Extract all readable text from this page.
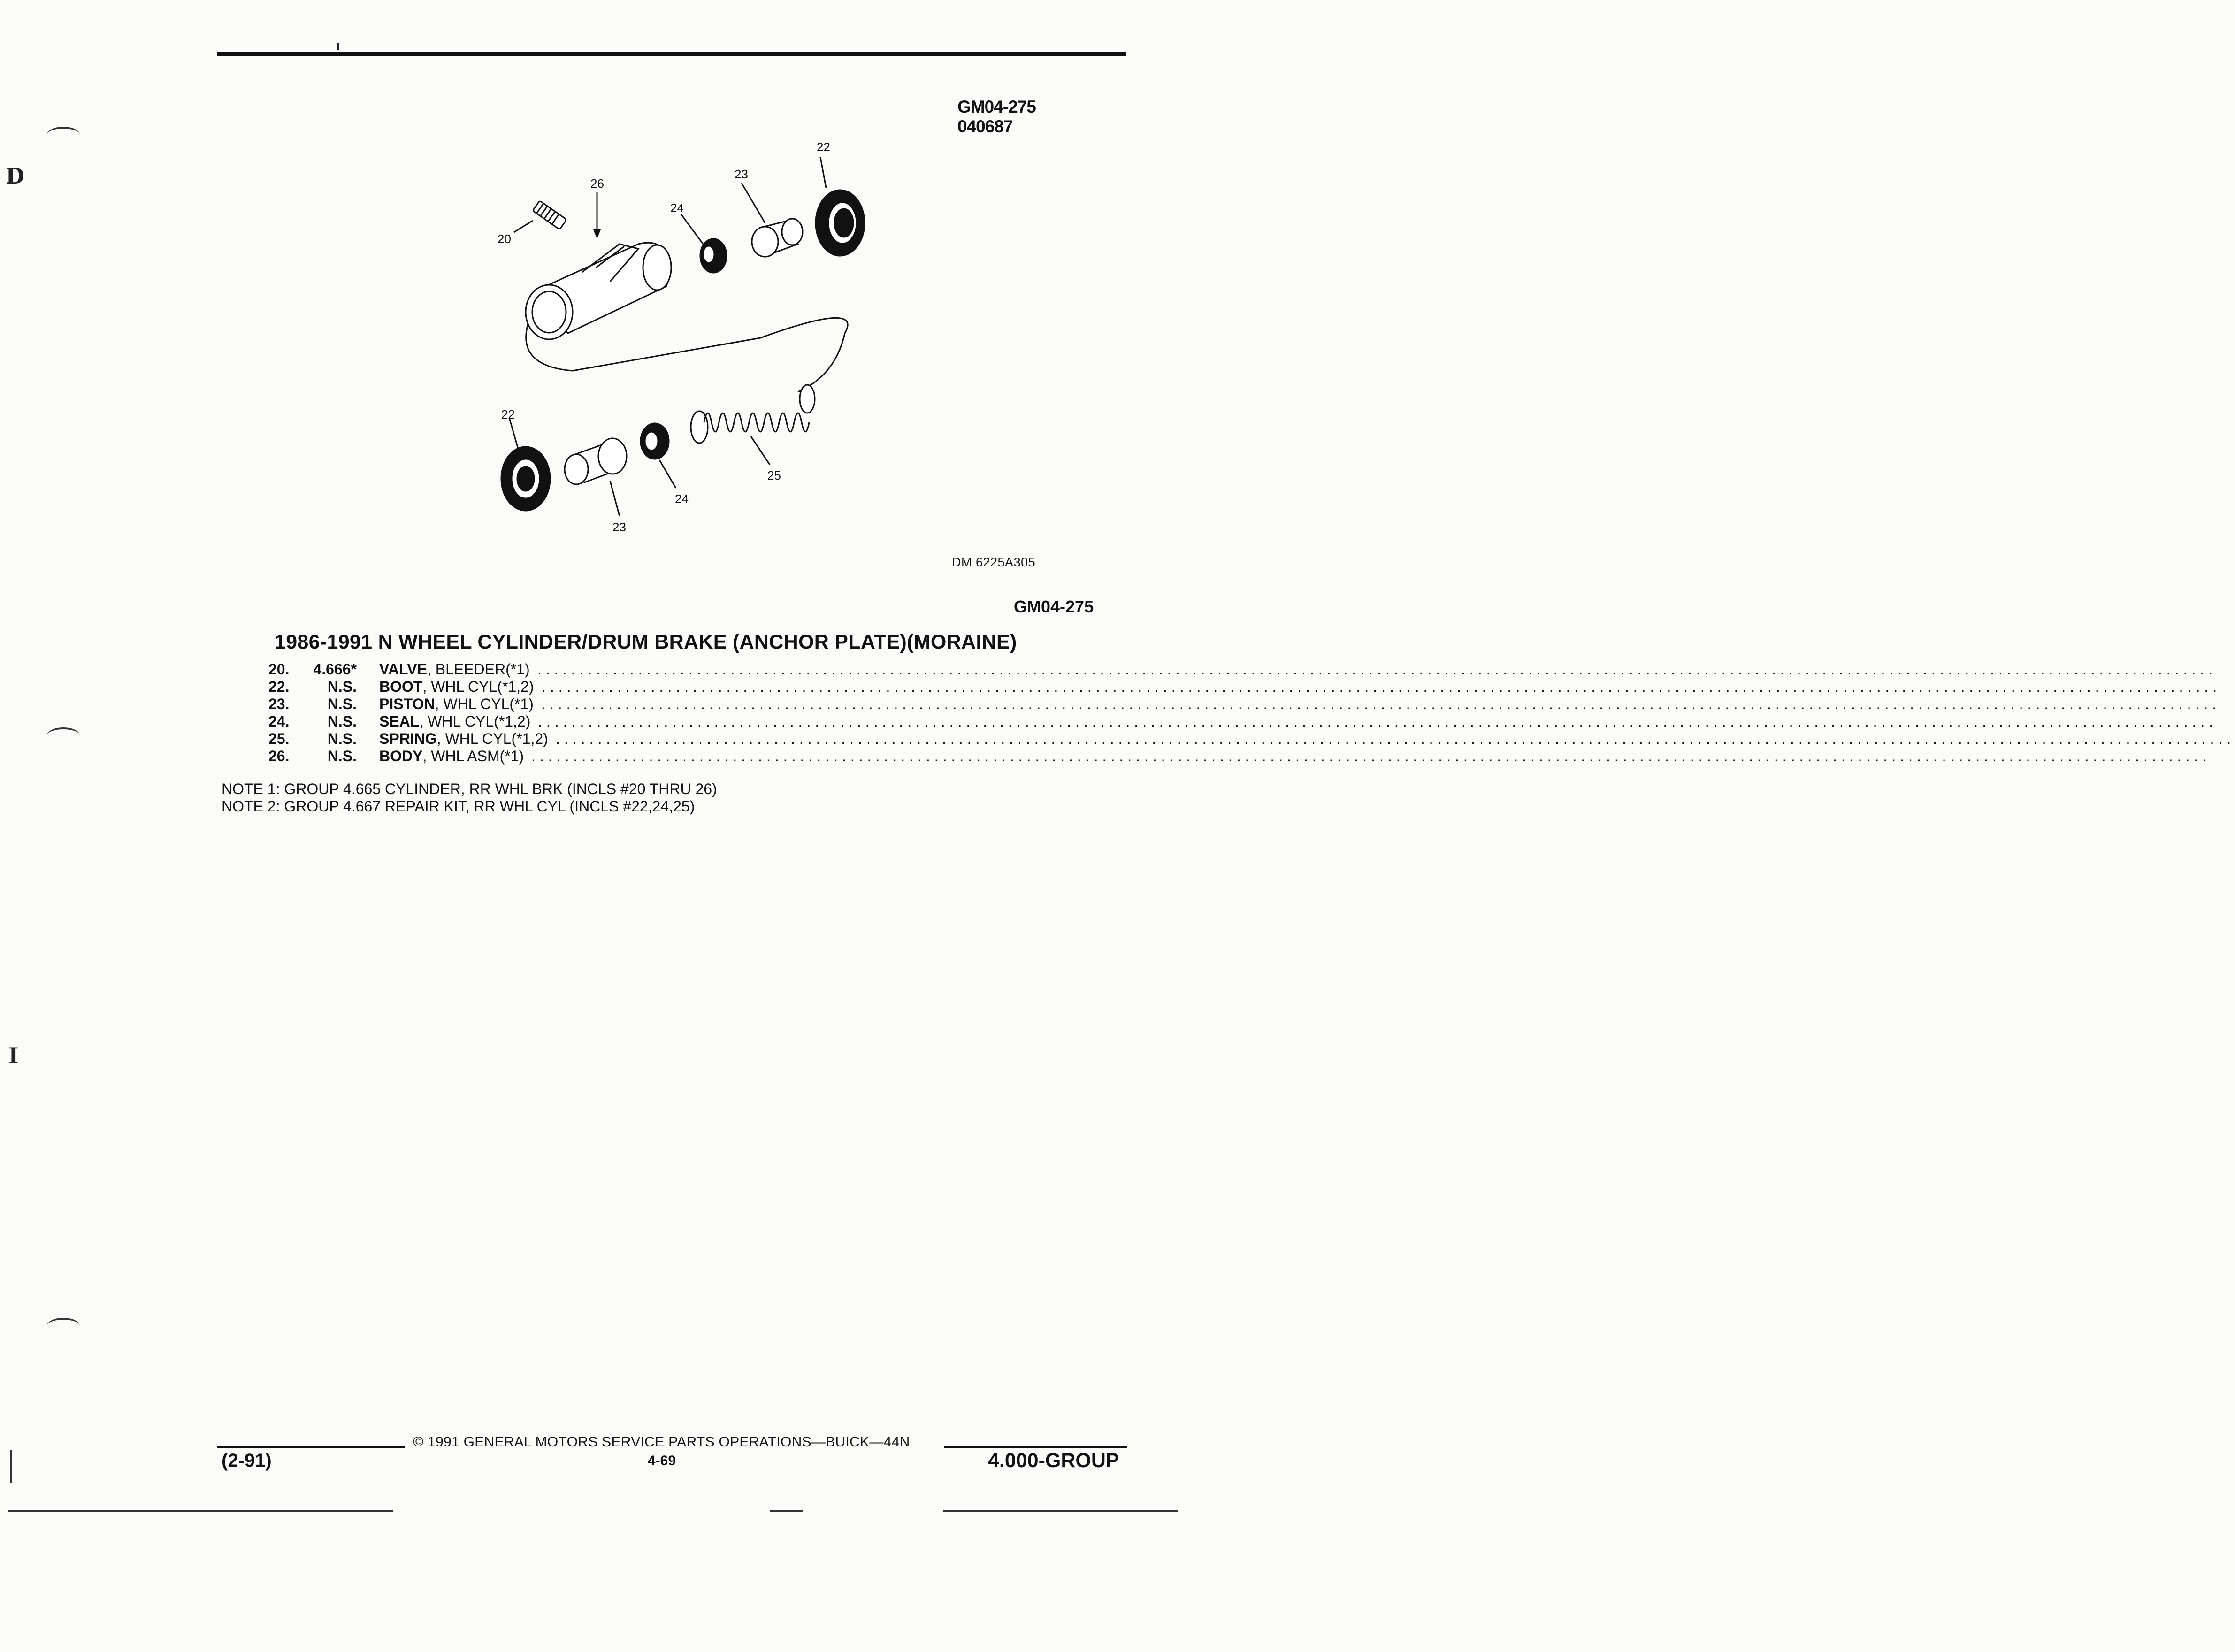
D
I
GM04-275
040687
20
22
23
24
26
22
23
24
25
DM 6225A305
GM04-275
1986-1991 N WHEEL CYLINDER/DRUM BRAKE (ANCHOR PLATE)(MORAINE)
20.	4.666* VALVE, BLEEDER(*1) ........................................................................................................................................................................................................
22.	N.S. BOOT, WHL CYL(*1,2) ........................................................................................................................................................................................................
23.	N.S. PISTON, WHL CYL(*1) ........................................................................................................................................................................................................
24.	N.S. SEAL, WHL CYL(*1,2) ........................................................................................................................................................................................................
25.	N.S. SPRING, WHL CYL(*1,2) ........................................................................................................................................................................................................
26.	N.S. BODY, WHL ASM(*1) ........................................................................................................................................................................................................
NOTE 1: GROUP 4.665 CYLINDER, RR WHL BRK (INCLS #20 THRU 26)
NOTE 2: GROUP 4.667 REPAIR KIT, RR WHL CYL (INCLS #22,24,25)
© 1991 GENERAL MOTORS SERVICE PARTS OPERATIONS—BUICK—44N
(2-91)	4-69	4.000-GROUP
